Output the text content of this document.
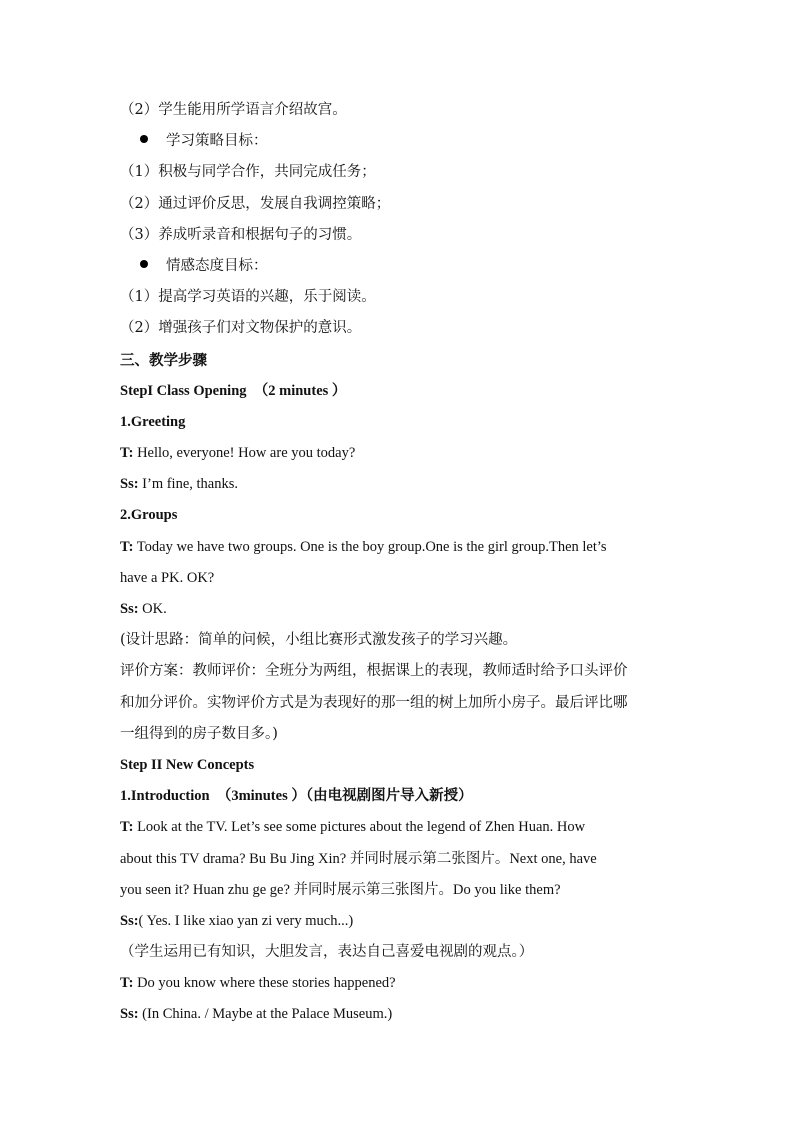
（2）学生能用所学语言介绍故宫。
学习策略目标：
（1）积极与同学合作，共同完成任务；
（2）通过评价反思，发展自我调控策略；
（3）养成听录音和根据句子的习惯。
情感态度目标：
（1）提高学习英语的兴趣，乐于阅读。
（2）增强孩子们对文物保护的意识。
三、教学步骤
StepI Class Opening　（2 minutes ）
1.Greeting
T: Hello, everyone! How are you today?
Ss: I’m fine, thanks.
2.Groups
T: Today we have two groups. One is the boy group.One is the girl group.Then let’s
have a PK. OK?
Ss: OK.
(设计思路：简单的问候，小组比赛形式激发孩子的学习兴趣。
评价方案：教师评价：全班分为两组，根据课上的表现，教师适时给予口头评价
和加分评价。实物评价方式是为表现好的那一组的树上加所小房子。最后评比哪
一组得到的房子数目多。)
Step II New Concepts
1.Introduction　（3minutes ）（由电视剧图片导入新授）
T: Look at the TV. Let’s see some pictures about the legend of Zhen Huan. How
about this TV drama? Bu Bu Jing Xin? 并同时展示第二张图片。Next one, have
you seen it? Huan zhu ge ge? 并同时展示第三张图片。Do you like them?
Ss:( Yes. I like xiao yan zi very much...)
（学生运用已有知识，大胆发言，表达自己喜爱电视剧的观点。）
T: Do you know where these stories happened?
Ss: (In China. / Maybe at the Palace Museum.)
